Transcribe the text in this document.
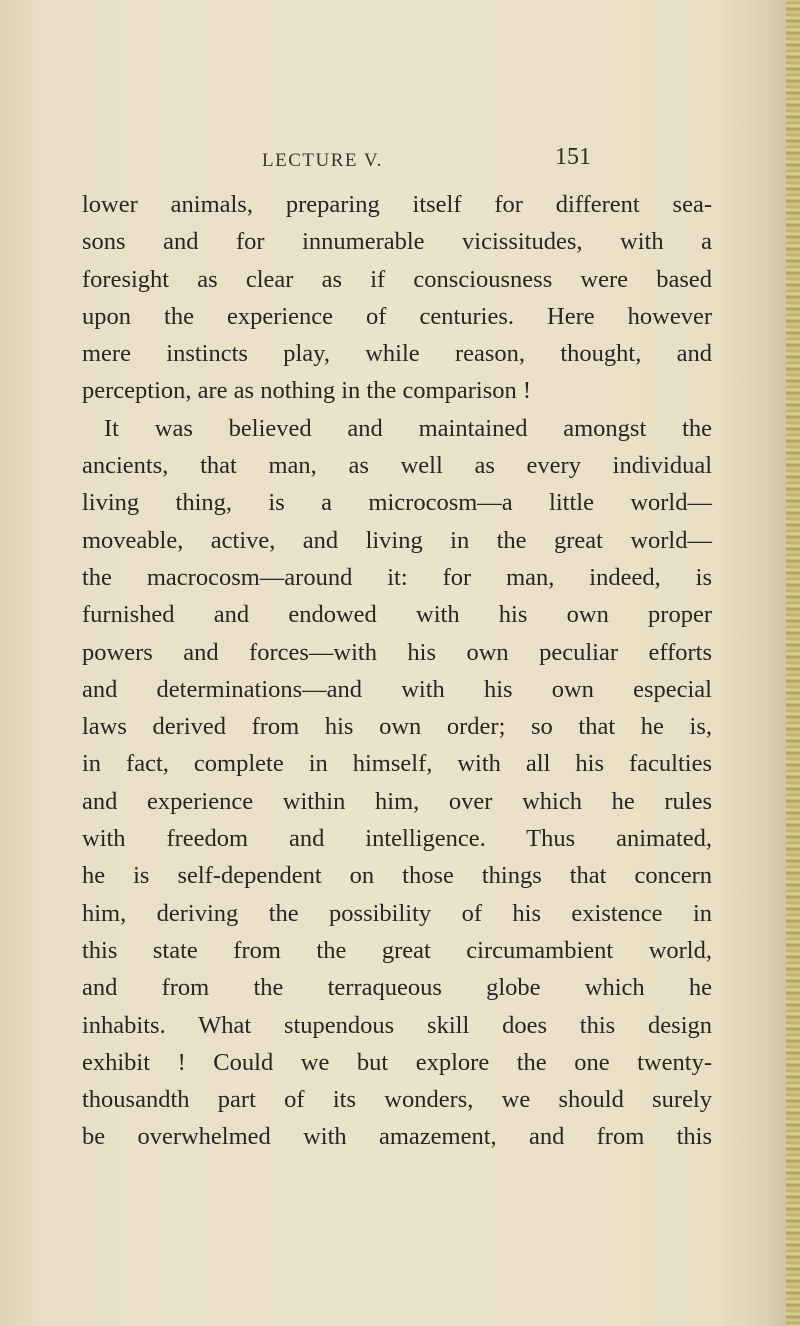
LECTURE V.	151
lower animals, preparing itself for different sea-
sons and for innumerable vicissitudes, with a
foresight as clear as if consciousness were based
upon the experience of centuries. Here however
mere instincts play, while reason, thought, and
perception, are as nothing in the comparison !
It was believed and maintained amongst the
ancients, that man, as well as every individual
living thing, is a microcosm—a little world—
moveable, active, and living in the great world—
the macrocosm—around it: for man, indeed, is
furnished and endowed with his own proper
powers and forces—with his own peculiar efforts
and determinations—and with his own especial
laws derived from his own order; so that he is,
in fact, complete in himself, with all his faculties
and experience within him, over which he rules
with freedom and intelligence. Thus animated,
he is self-dependent on those things that concern
him, deriving the possibility of his existence in
this state from the great circumambient world,
and from the terraqueous globe which he
inhabits. What stupendous skill does this design
exhibit ! Could we but explore the one twenty-
thousandth part of its wonders, we should surely
be overwhelmed with amazement, and from this
